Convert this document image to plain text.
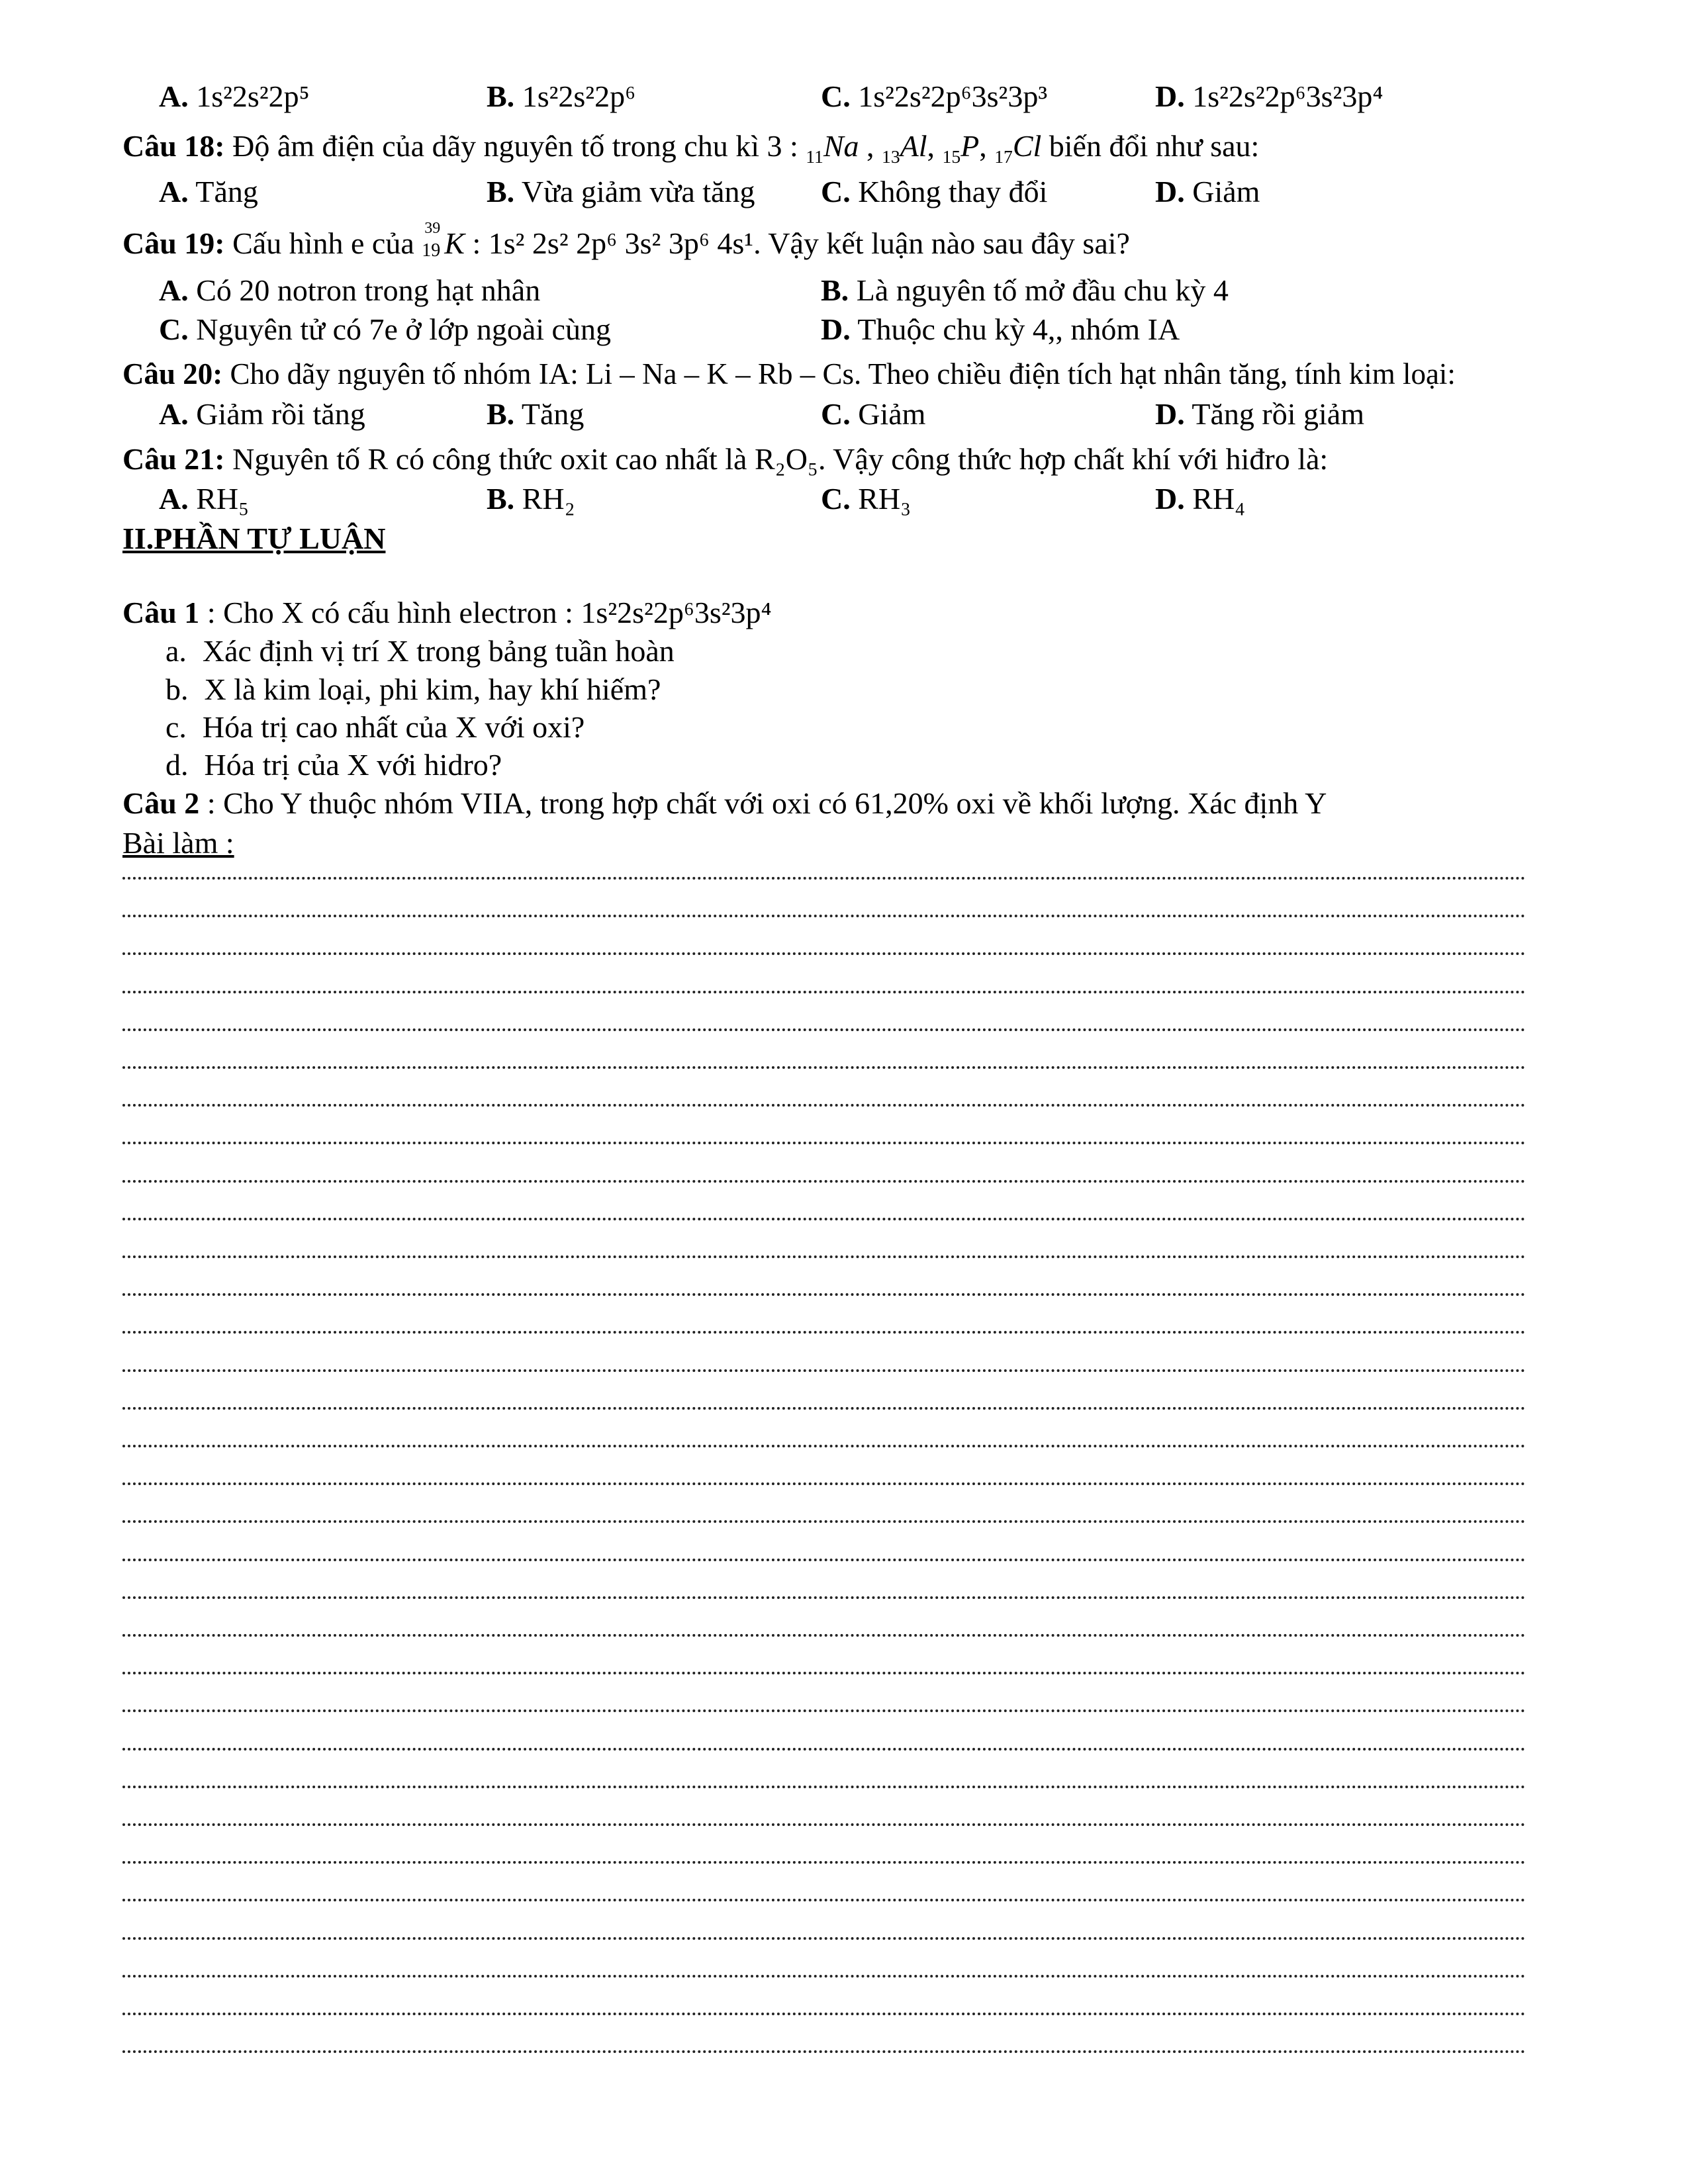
A. 1s²2s²2p⁵	B. 1s²2s²2p⁶	C. 1s²2s²2p⁶3s²3p³	D. 1s²2s²2p⁶3s²3p⁴
Câu 18: Độ âm điện của dãy nguyên tố trong chu kì 3 : $_{11}$Na , $_{13}$Al, $_{15}$P, $_{17}$Cl biến đổi như sau:
A. Tăng	B. Vừa giảm vừa tăng C. Không thay đổi	D. Giảm
Câu 19: Cấu hình e của 39
19 K : 1s² 2s² 2p⁶ 3s² 3p⁶ 4s¹. Vậy kết luận nào sau đây sai?
A. Có 20 notron trong hạt nhân	B. Là nguyên tố mở đầu chu kỳ 4
C. Nguyên tử có 7e ở lớp ngoài cùng	D. Thuộc chu kỳ 4,, nhóm IA
Câu 20: Cho dãy nguyên tố nhóm IA: Li – Na – K – Rb – Cs. Theo chiều điện tích hạt nhân tăng, tính kim loại:
A. Giảm rồi tăng	B. Tăng	C. Giảm	D. Tăng rồi giảm
Câu 21: Nguyên tố R có công thức oxit cao nhất là R₂O₅. Vậy công thức hợp chất khí với hiđro là:
A. RH₅	B. RH₂	C. RH₃	D. RH₄
II.PHẦN TỰ LUẬN
Câu 1 : Cho X có cấu hình electron : 1s²2s²2p⁶3s²3p⁴
a. Xác định vị trí X trong bảng tuần hoàn
b. X là kim loại, phi kim, hay khí hiếm?
c. Hóa trị cao nhất của X với oxi?
d. Hóa trị của X với hidro?
Câu 2 : Cho Y thuộc nhóm VIIA, trong hợp chất với oxi có 61,20% oxi về khối lượng. Xác định Y
Bài làm :
